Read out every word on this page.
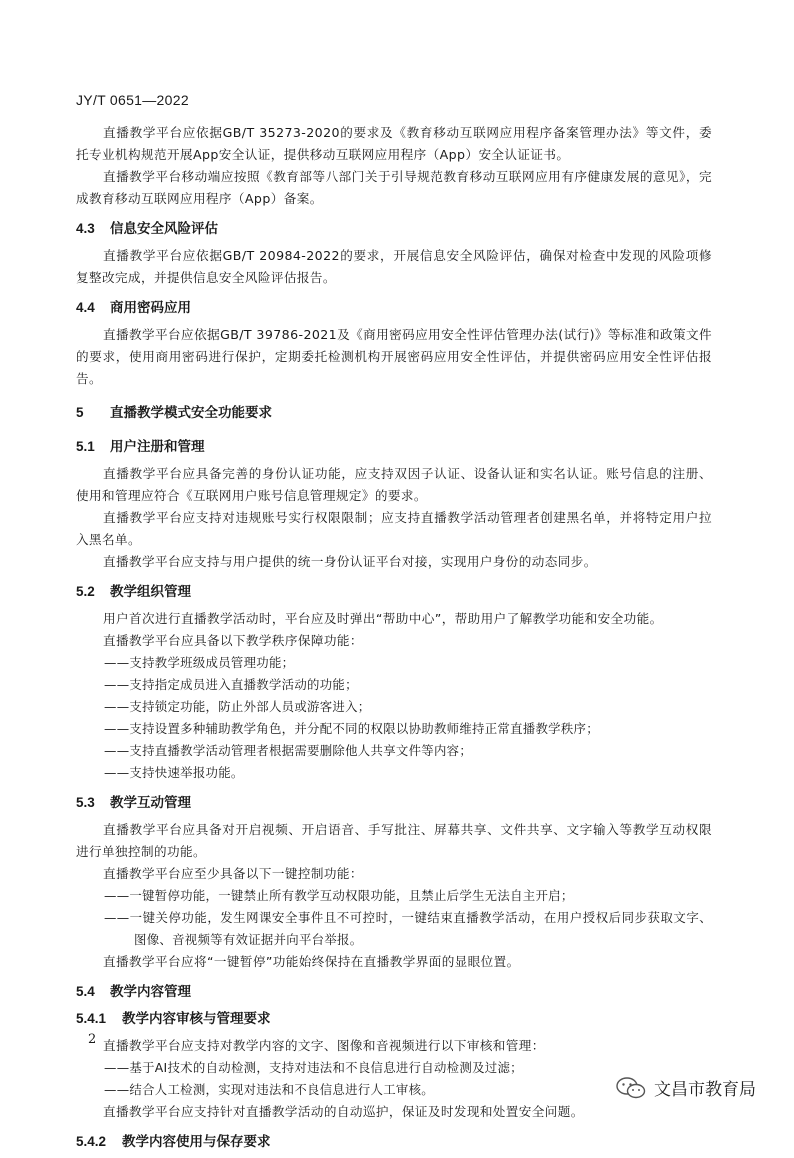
JY/T 0651—2022

直播教学平台应依据GB/T 35273-2020的要求及《教育移动互联网应用程序备案管理办法》等文件，委托专业机构规范开展App安全认证，提供移动互联网应用程序（App）安全认证证书。

直播教学平台移动端应按照《教育部等八部门关于引导规范教育移动互联网应用有序健康发展的意见》，完成教育移动互联网应用程序（App）备案。

4.3	信息安全风险评估

直播教学平台应依据GB/T 20984-2022的要求，开展信息安全风险评估，确保对检查中发现的风险项修复整改完成，并提供信息安全风险评估报告。

4.4	商用密码应用

直播教学平台应依据GB/T 39786-2021及《商用密码应用安全性评估管理办法(试行)》等标准和政策文件的要求，使用商用密码进行保护，定期委托检测机构开展密码应用安全性评估，并提供密码应用安全性评估报告。

5	直播教学模式安全功能要求
5.1	用户注册和管理

直播教学平台应具备完善的身份认证功能，应支持双因子认证、设备认证和实名认证。账号信息的注册、使用和管理应符合《互联网用户账号信息管理规定》的要求。

直播教学平台应支持对违规账号实行权限限制；应支持直播教学活动管理者创建黑名单，并将特定用户拉入黑名单。

直播教学平台应支持与用户提供的统一身份认证平台对接，实现用户身份的动态同步。

5.2	教学组织管理

用户首次进行直播教学活动时，平台应及时弹出“帮助中心”，帮助用户了解教学功能和安全功能。

直播教学平台应具备以下教学秩序保障功能：

——支持教学班级成员管理功能；

——支持指定成员进入直播教学活动的功能；

——支持锁定功能，防止外部人员或游客进入；

——支持设置多种辅助教学角色，并分配不同的权限以协助教师维持正常直播教学秩序；

——支持直播教学活动管理者根据需要删除他人共享文件等内容；

——支持快速举报功能。

5.3	教学互动管理

直播教学平台应具备对开启视频、开启语音、手写批注、屏幕共享、文件共享、文字输入等教学互动权限进行单独控制的功能。

直播教学平台应至少具备以下一键控制功能：

——一键暂停功能，一键禁止所有教学互动权限功能，且禁止后学生无法自主开启；

——一键关停功能，发生网课安全事件且不可控时，一键结束直播教学活动，在用户授权后同步获取文字、图像、音视频等有效证据并向平台举报。

直播教学平台应将“一键暂停”功能始终保持在直播教学界面的显眼位置。

5.4	教学内容管理
5.4.1	教学内容审核与管理要求

直播教学平台应支持对教学内容的文字、图像和音视频进行以下审核和管理：

——基于AI技术的自动检测，支持对违法和不良信息进行自动检测及过滤；

——结合人工检测，实现对违法和不良信息进行人工审核。

直播教学平台应支持针对直播教学活动的自动巡护，保证及时发现和处置安全问题。

5.4.2	教学内容使用与保存要求
2
文昌市教育局
